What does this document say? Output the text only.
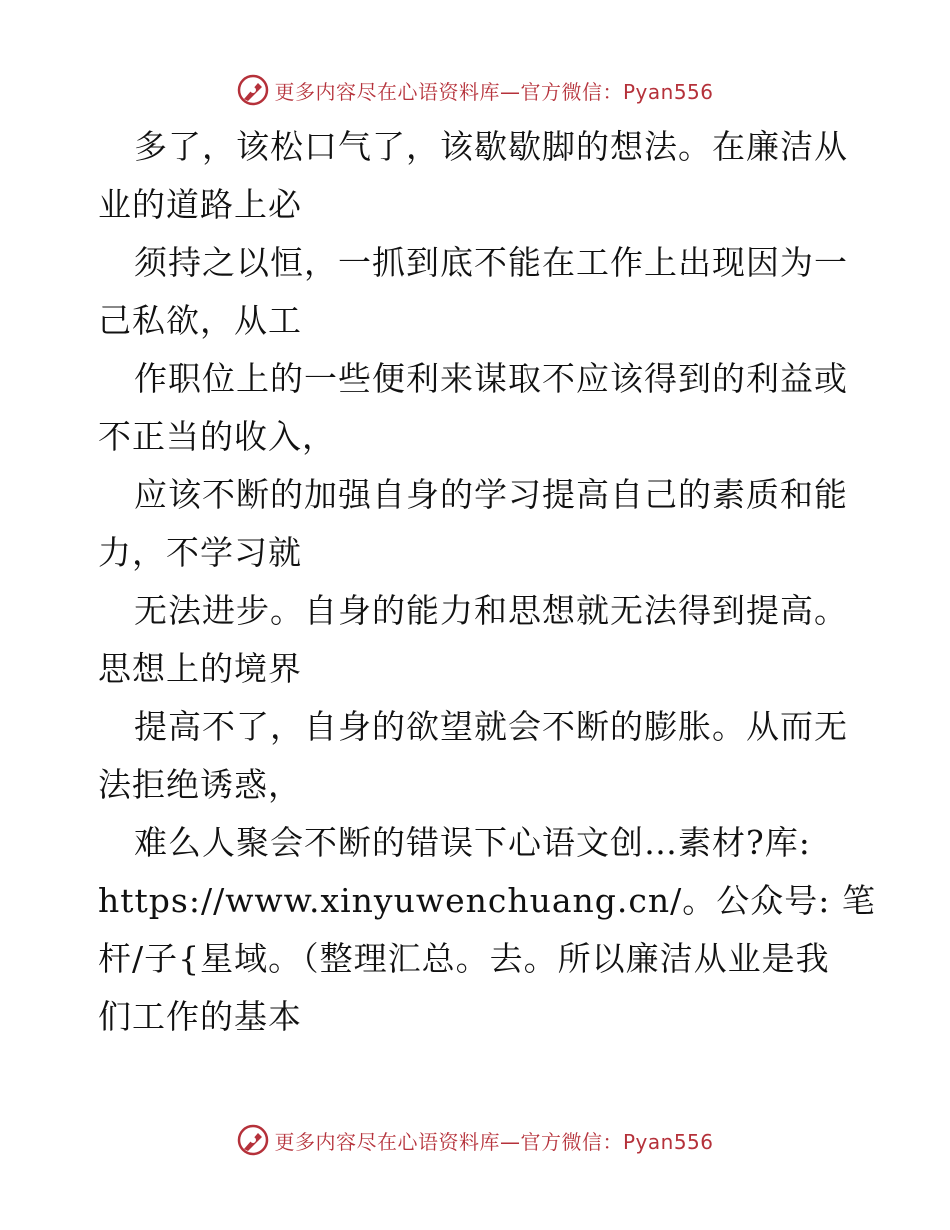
更多内容尽在心语资料库—官方微信：Pyan556
多了，该松口气了，该歇歇脚的想法。在廉洁从
业的道路上必
须持之以恒，一抓到底不能在工作上出现因为一
己私欲，从工
作职位上的一些便利来谋取不应该得到的利益或
不正当的收入，
应该不断的加强自身的学习提高自己的素质和能
力，不学习就
无法进步。自身的能力和思想就无法得到提高。
思想上的境界
提高不了，自身的欲望就会不断的膨胀。从而无
法拒绝诱惑，
难么人聚会不断的错误下心语文创…素材?库:
https://www.xinyuwenchuang.cn/。公众号: 笔
杆/子{星域。（整理汇总。去。所以廉洁从业是我
们工作的基本
更多内容尽在心语资料库—官方微信：Pyan556
